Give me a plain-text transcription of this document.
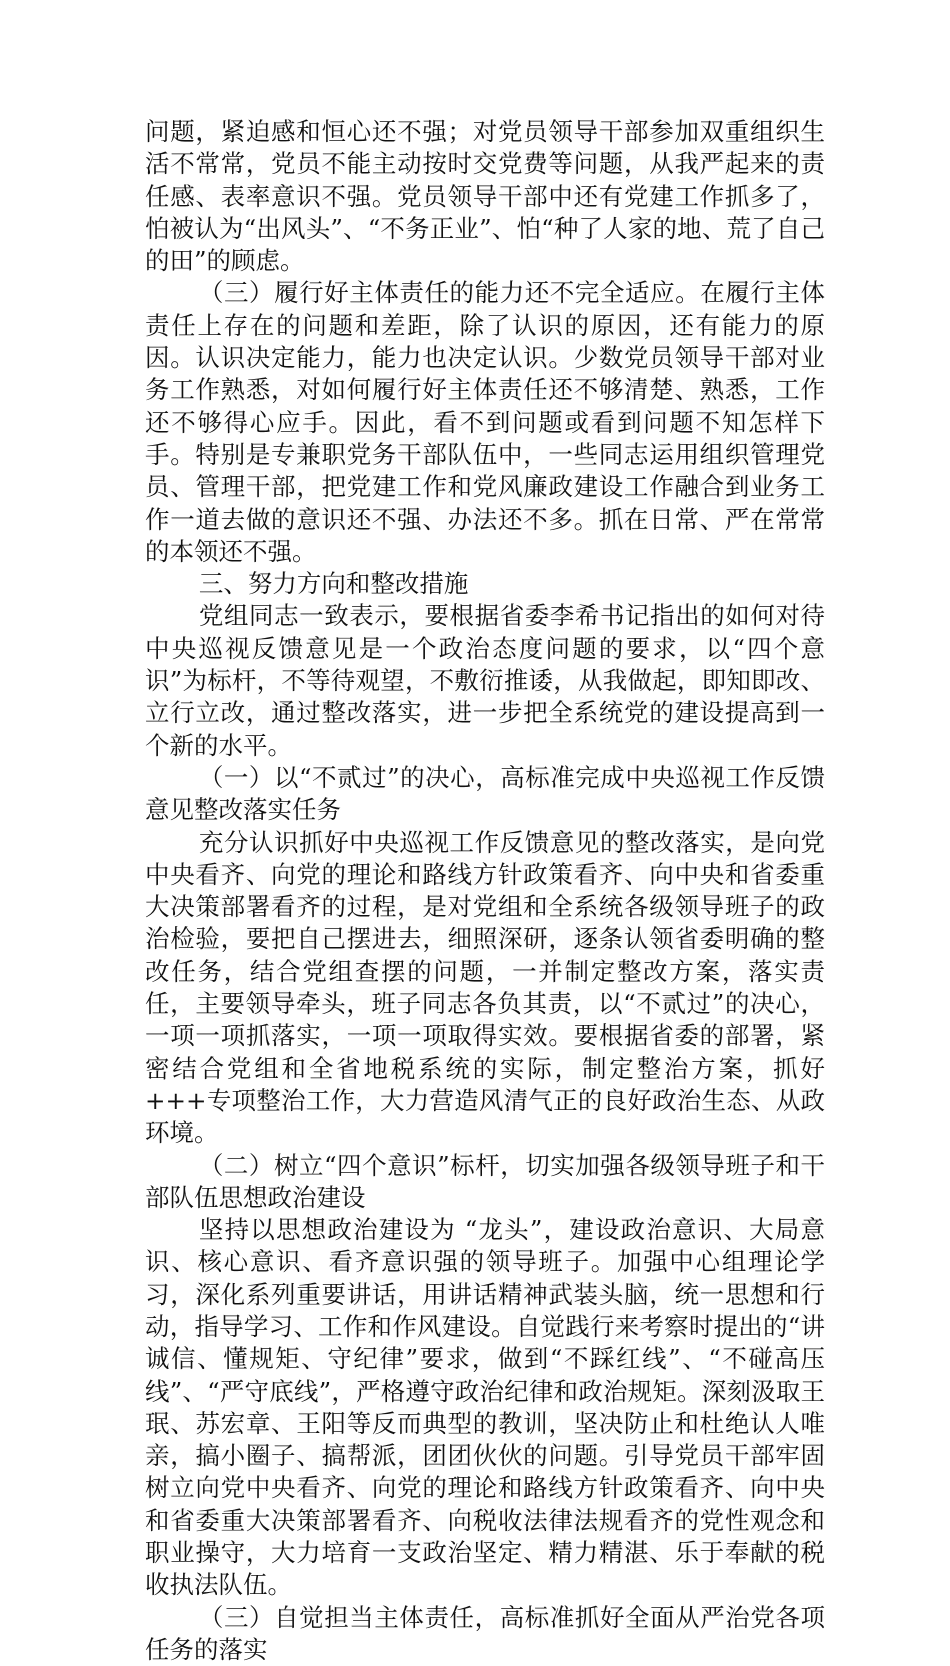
问题，紧迫感和恒心还不强；对党员领导干部参加双重组织生活不常常，党员不能主动按时交党费等问题，从我严起来的责任感、表率意识不强。党员领导干部中还有党建工作抓多了，怕被认为“出风头”、“不务正业”、怕“种了人家的地、荒了自己的田”的顾虑。

（三）履行好主体责任的能力还不完全适应。在履行主体责任上存在的问题和差距，除了认识的原因，还有能力的原因。认识决定能力，能力也决定认识。少数党员领导干部对业务工作熟悉，对如何履行好主体责任还不够清楚、熟悉，工作还不够得心应手。因此，看不到问题或看到问题不知怎样下手。特别是专兼职党务干部队伍中，一些同志运用组织管理党员、管理干部，把党建工作和党风廉政建设工作融合到业务工作一道去做的意识还不强、办法还不多。抓在日常、严在常常的本领还不强。

三、努力方向和整改措施

党组同志一致表示，要根据省委李希书记指出的如何对待中央巡视反馈意见是一个政治态度问题的要求，以“四个意识”为标杆，不等待观望，不敷衍推诿，从我做起，即知即改、立行立改，通过整改落实，进一步把全系统党的建设提高到一个新的水平。

（一）以“不贰过”的决心，高标准完成中央巡视工作反馈意见整改落实任务

充分认识抓好中央巡视工作反馈意见的整改落实，是向党中央看齐、向党的理论和路线方针政策看齐、向中央和省委重大决策部署看齐的过程，是对党组和全系统各级领导班子的政治检验，要把自己摆进去，细照深研，逐条认领省委明确的整改任务，结合党组查摆的问题，一并制定整改方案，落实责任，主要领导牵头，班子同志各负其责，以“不贰过”的决心，一项一项抓落实，一项一项取得实效。要根据省委的部署，紧密结合党组和全省地税系统的实际，制定整治方案，抓好+++专项整治工作，大力营造风清气正的良好政治生态、从政环境。

（二）树立“四个意识”标杆，切实加强各级领导班子和干部队伍思想政治建设

坚持以思想政治建设为 “龙头”，建设政治意识、大局意识、核心意识、看齐意识强的领导班子。加强中心组理论学习，深化系列重要讲话，用讲话精神武装头脑，统一思想和行动，指导学习、工作和作风建设。自觉践行来考察时提出的“讲诚信、懂规矩、守纪律”要求，做到“不踩红线”、“不碰高压线”、“严守底线”，严格遵守政治纪律和政治规矩。深刻汲取王珉、苏宏章、王阳等反而典型的教训，坚决防止和杜绝认人唯亲，搞小圈子、搞帮派，团团伙伙的问题。引导党员干部牢固树立向党中央看齐、向党的理论和路线方针政策看齐、向中央和省委重大决策部署看齐、向税收法律法规看齐的党性观念和职业操守，大力培育一支政治坚定、精力精湛、乐于奉献的税收执法队伍。

（三）自觉担当主体责任，高标准抓好全面从严治党各项任务的落实
